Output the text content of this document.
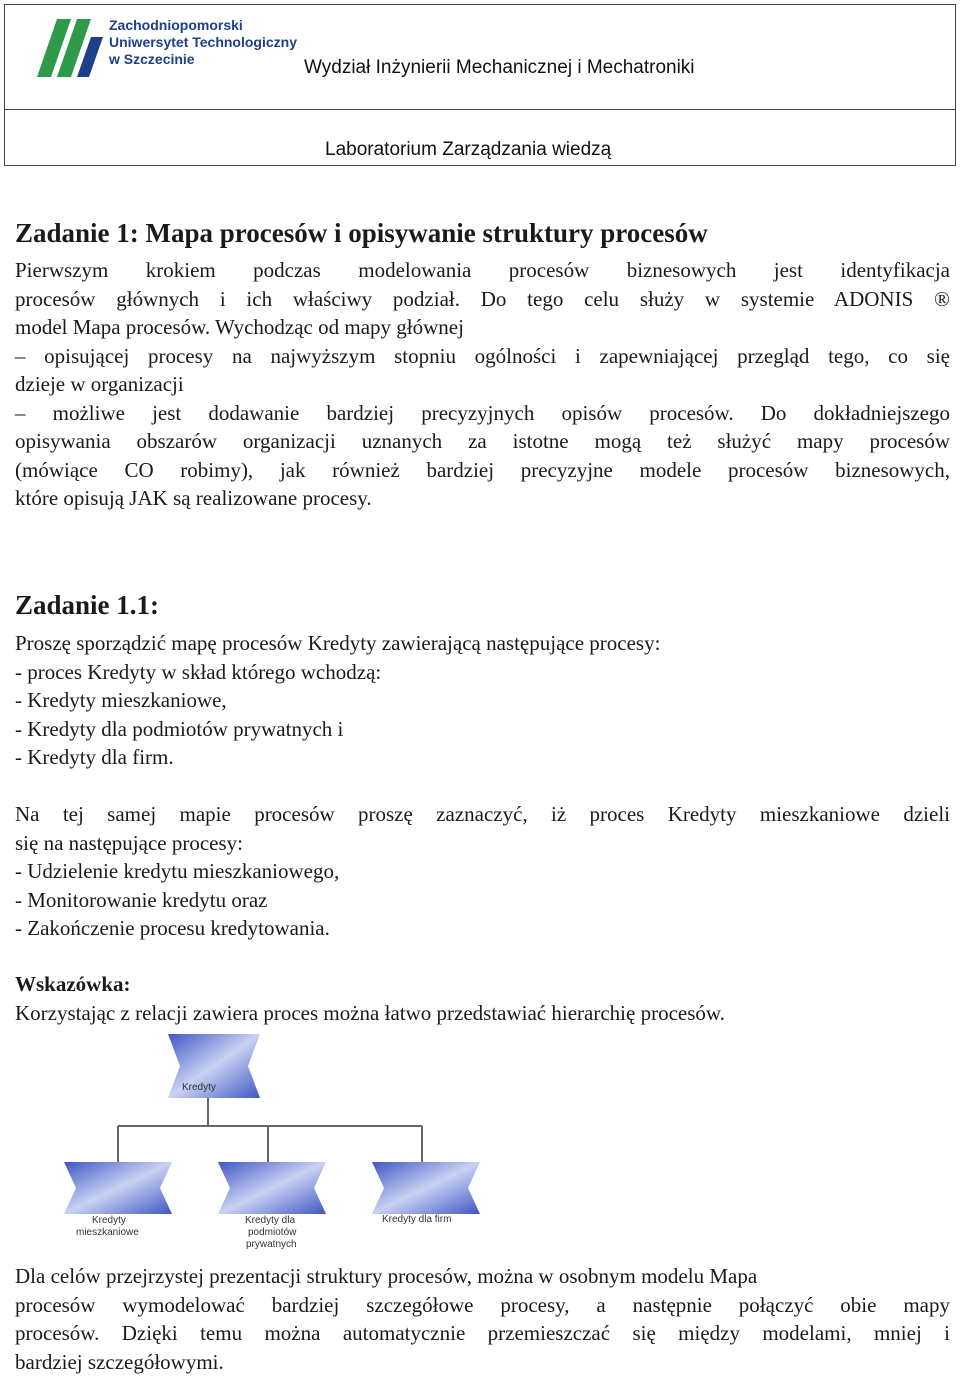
Zachodniopomorski
Uniwersytet Technologiczny
w Szczecinie	Wydział Inżynierii Mechanicznej i Mechatroniki
Laboratorium Zarządzania wiedzą
Zadanie 1: Mapa procesów i opisywanie struktury procesów
Pierwszym krokiem podczas modelowania procesów biznesowych jest identyfikacja
procesów głównych i ich właściwy podział. Do tego celu służy w systemie ADONIS ®
model Mapa procesów. Wychodząc od mapy głównej
– opisującej procesy na najwyższym stopniu ogólności i zapewniającej przegląd tego, co się
dzieje w organizacji
– możliwe jest dodawanie bardziej precyzyjnych opisów procesów. Do dokładniejszego
opisywania obszarów organizacji uznanych za istotne mogą też służyć mapy procesów
(mówiące CO robimy), jak również bardziej precyzyjne modele procesów biznesowych,
które opisują JAK są realizowane procesy.
Zadanie 1.1:
Proszę sporządzić mapę procesów Kredyty zawierającą następujące procesy:
- proces Kredyty w skład którego wchodzą:
- Kredyty mieszkaniowe,
- Kredyty dla podmiotów prywatnych i
- Kredyty dla firm.
Na tej samej mapie procesów proszę zaznaczyć, iż proces Kredyty mieszkaniowe dzieli
się na następujące procesy:
- Udzielenie kredytu mieszkaniowego,
- Monitorowanie kredytu oraz
- Zakończenie procesu kredytowania.
Wskazówka:
Korzystając z relacji zawiera proces można łatwo przedstawiać hierarchię procesów.
Kredyty
Kredyty
mieszkaniowe
Kredyty dla
podmiotów
prywatnych
Kredyty dla firm
Dla celów przejrzystej prezentacji struktury procesów, można w osobnym modelu Mapa
procesów wymodelować bardziej szczegółowe procesy, a następnie połączyć obie mapy
procesów. Dzięki temu można automatycznie przemieszczać się między modelami, mniej i
bardziej szczegółowymi.
